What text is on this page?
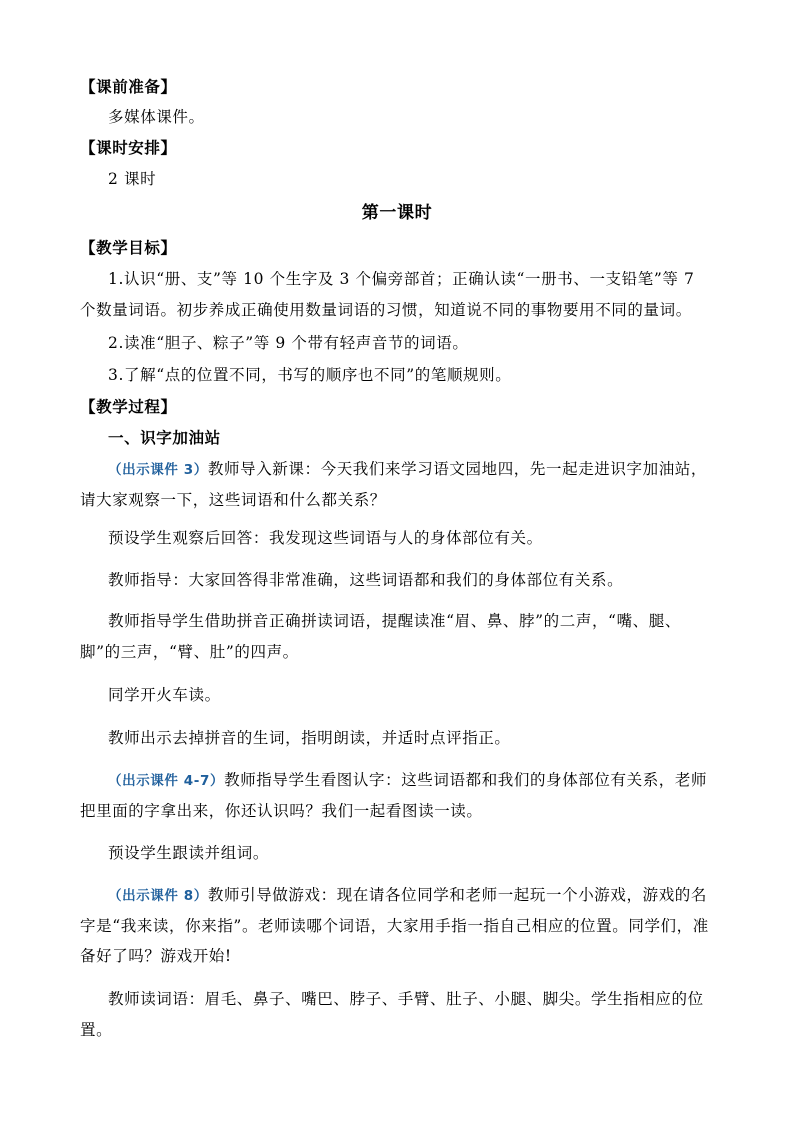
【课前准备】
多媒体课件。
【课时安排】
2 课时
第一课时
【教学目标】
1.认识“册、支”等 10 个生字及 3 个偏旁部首；正确认读“一册书、一支铅笔”等 7
个数量词语。初步养成正确使用数量词语的习惯，知道说不同的事物要用不同的量词。
2.读准“胆子、粽子”等 9 个带有轻声音节的词语。
3.了解“点的位置不同，书写的顺序也不同”的笔顺规则。
【教学过程】
一、识字加油站
（出示课件 3）教师导入新课：今天我们来学习语文园地四，先一起走进识字加油站，
请大家观察一下，这些词语和什么都关系？
预设学生观察后回答：我发现这些词语与人的身体部位有关。
教师指导：大家回答得非常准确，这些词语都和我们的身体部位有关系。
教师指导学生借助拼音正确拼读词语，提醒读准“眉、鼻、脖”的二声，“嘴、腿、
脚”的三声，“臂、肚”的四声。
同学开火车读。
教师出示去掉拼音的生词，指明朗读，并适时点评指正。
（出示课件 4-7）教师指导学生看图认字：这些词语都和我们的身体部位有关系，老师
把里面的字拿出来，你还认识吗？我们一起看图读一读。
预设学生跟读并组词。
（出示课件 8）教师引导做游戏：现在请各位同学和老师一起玩一个小游戏，游戏的名
字是“我来读，你来指”。老师读哪个词语，大家用手指一指自己相应的位置。同学们，准
备好了吗？游戏开始!
教师读词语：眉毛、鼻子、嘴巴、脖子、手臂、肚子、小腿、脚尖。学生指相应的位
置。
